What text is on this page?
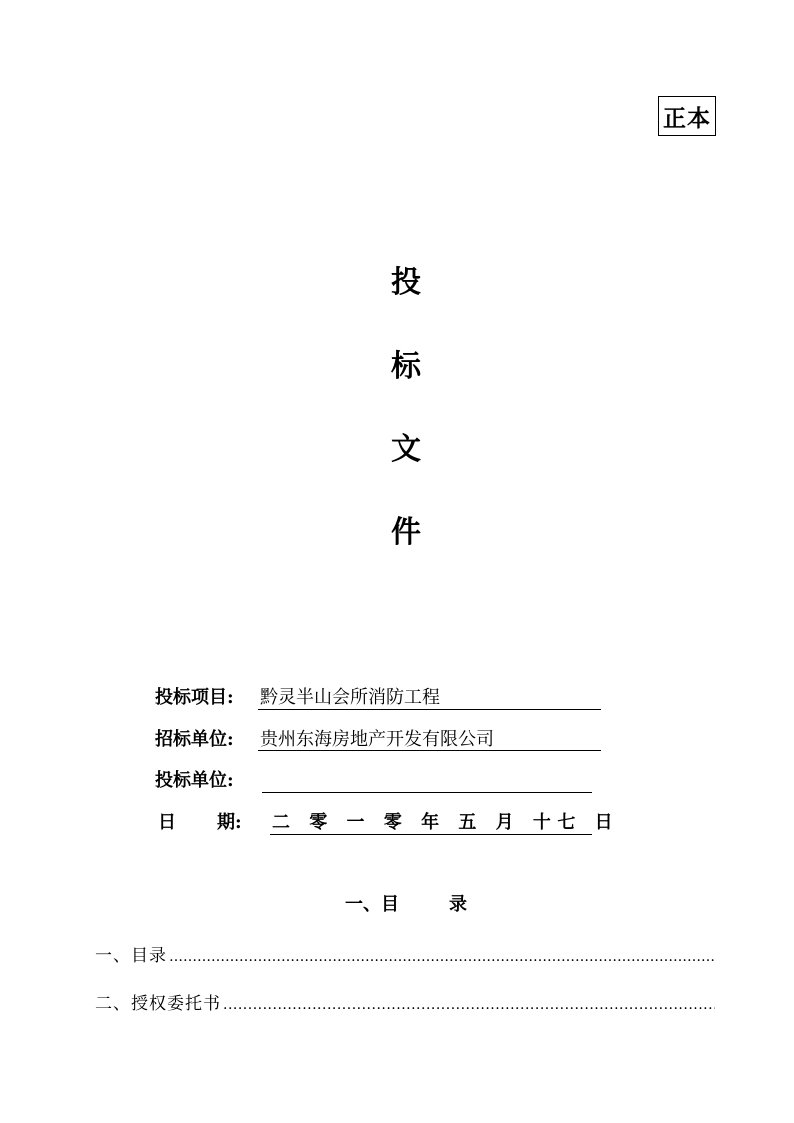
正本
投
标
文
件
投标项目: 黔灵半山会所消防工程
招标单位: 贵州东海房地产开发有限公司
投标单位:
日 期: 二 零 一 零 年 五 月 十七 日
一、目	录
一、目录
……………………………………………………………………………………………………………………………………………………
二、授权委托书
.....
